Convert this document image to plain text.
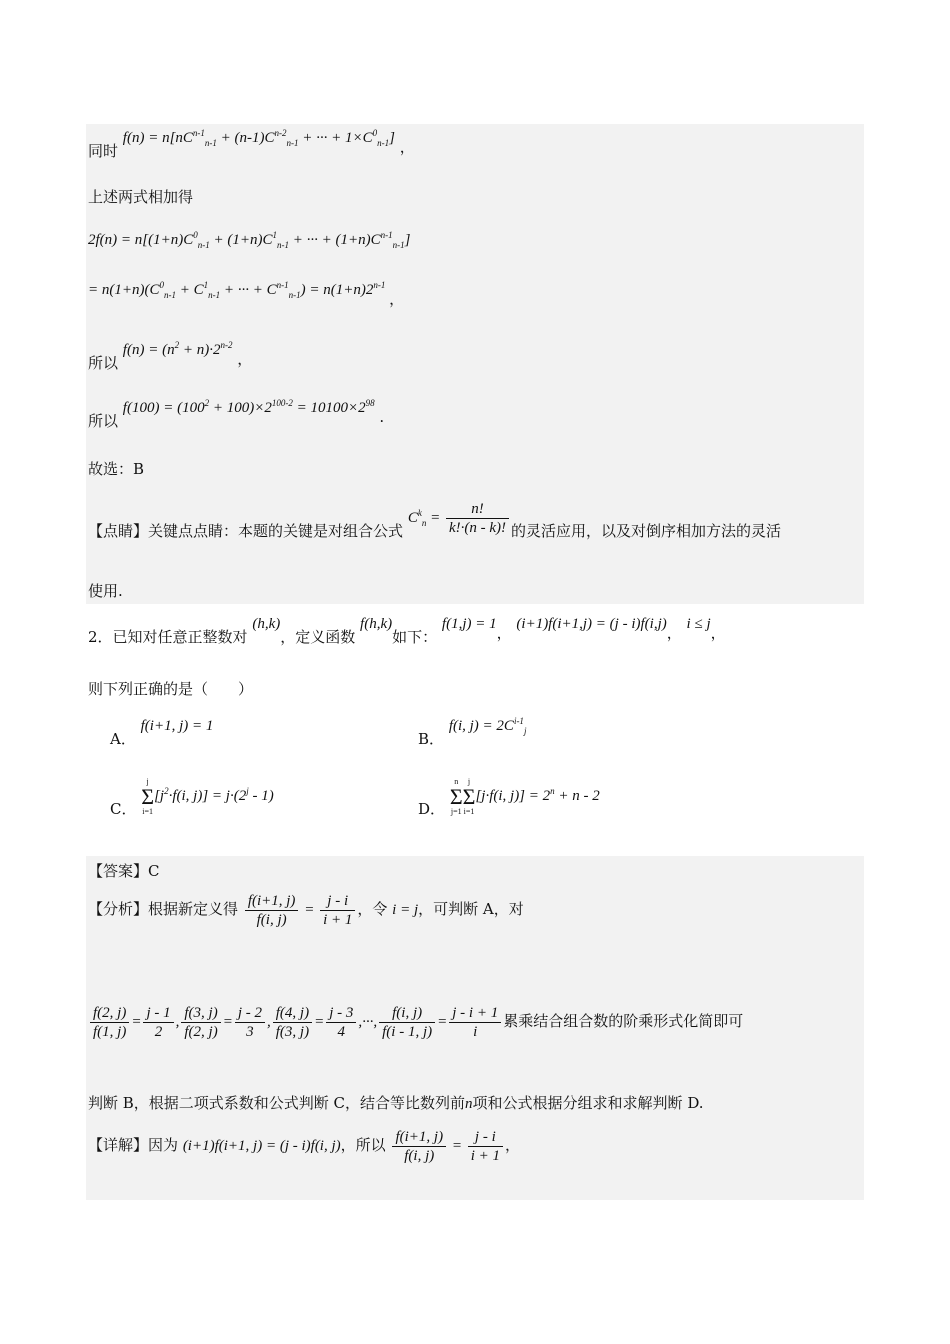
同时 $f(n) = n[nC^{n-1}_{n-1} + (n-1)C^{n-2}_{n-1}$ + ··· + $1\times C^0_{n-1}$] ，
上述两式相加得
$2f(n) = n[(1+n)C^0_{n-1} + (1+n)C^1_{n-1}$ + ··· + $(1+n)C^{n-1}_{n-1}$]
= $n(1+n)(C^0_{n-1} + C^1_{n-1}$ + ··· + $C^{n-1}_{n-1}) = n(1+n)2^{n-1}$ ，
所以 $f(n) = (n^2 + n)\cdot 2^{n-2}$ ，
所以 $f(100) = (100^2 + 100)\times 2^{100-2} = 10100\times 2^{98}$ .
故选：B
【点睛】关键点点睛：本题的关键是对组合公式 $C^k_n = \frac{n!}{k!\cdot(n - k)!}$ 的灵活应用，以及对倒序相加方法的灵活
使用.
2．已知对任意正整数对 (h,k)，定义函数 f(h,k)如下： f(1,j) = 1， (i+1)f(i+1,j) = (j - i)f(i,j)， i ≤ j，
则下列正确的是（　　）
A． f(i+1, j) = 1
B． f(i, $j) = 2C^{i-1}_j$
C．
j
Σ
i=1
[$j^2\cdot f(i$, $j)] = j\cdot(2^j - 1)$
D．
n
Σ
j=1
j
Σ
i=1
[j·f(i, $j)] = 2^n + n - 2$
【答案】C
【分析】根据新定义得 $\frac{f(i+1, j)}{f(i, j)} = \frac{j - i}{i + 1}$ ，令 i = j，可判断 A，对
$\frac{f(2, j)}{f(1, j)} = \frac{j - 1}{2}$ , $\frac{f(3, j)}{f(2, j)} = \frac{j - 2}{3}$ , $\frac{f(4, j)}{f(3, j)} = \frac{j - 3}{4}$ ,···, $\frac{f(i, j)}{f(i - 1, j)} = \frac{j - i + 1}{i}$ 累乘结合组合数的阶乘形式化简即可
判断 B，根据二项式系数和公式判断 C，结合等比数列前n项和公式根据分组求和求解判断 D.
【详解】因为 (i+1)f(i+1, j) = (j - i)f(i, j)，所以 $\frac{f(i+1, j)}{f(i, j)} = \frac{j - i}{i + 1}$ ，
